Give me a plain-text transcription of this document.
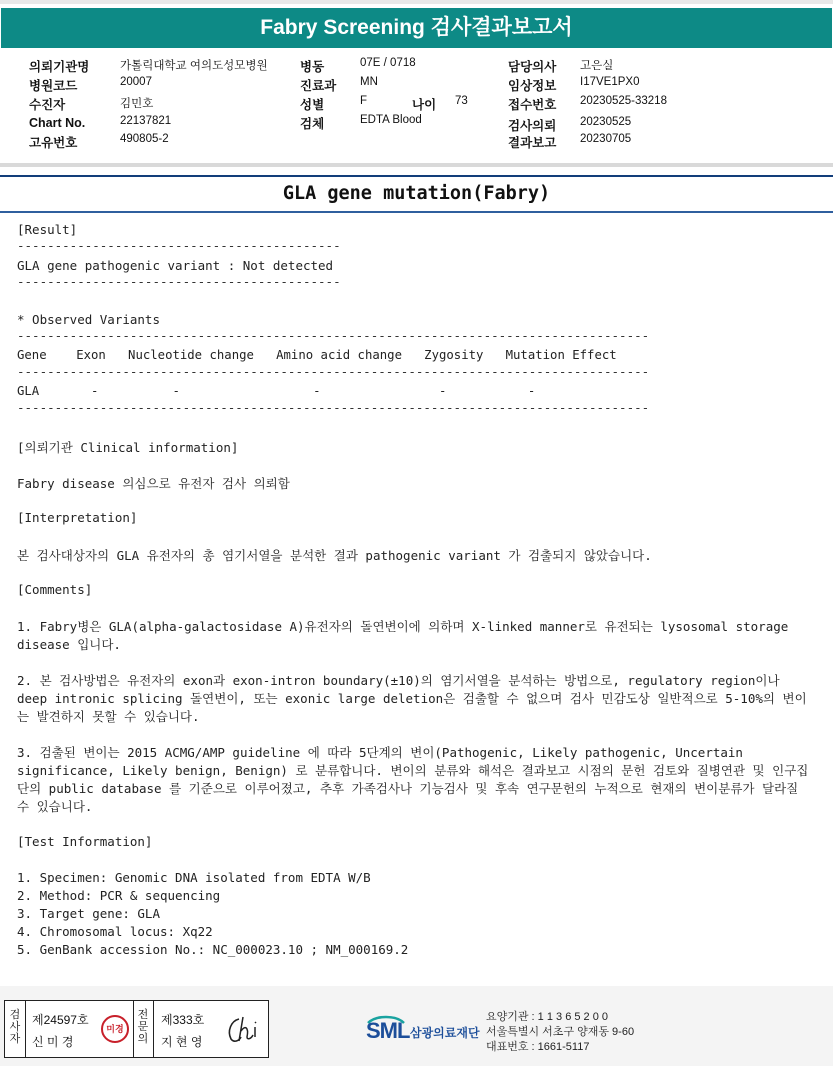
Fabry Screening 검사결과보고서
의뢰기관명	가톨릭대학교 여의도성모병원
병원코드	20007
수진자	김민호
Chart No.	22137821
고유번호	490805-2
병동	07E / 0718
진료과 MN
성별	F	나이 73
검체	EDTA Blood
담당의사 고은실
임상정보 I17VE1PX0
접수번호 20230525-33218
검사의뢰 20230525
결과보고 20230705
GLA gene mutation(Fabry)
[Result]
-------------------------------------------
GLA gene pathogenic variant : Not detected
-------------------------------------------
* Observed Variants
------------------------------------------------------------------------------------
Gene    Exon   Nucleotide change   Amino acid change   Zygosity   Mutation Effect
------------------------------------------------------------------------------------
GLA       -          -                  -                -           -
------------------------------------------------------------------------------------
[의뢰기관 Clinical information]
Fabry disease 의심으로 유전자 검사 의뢰함
[Interpretation]
본 검사대상자의 GLA 유전자의 총 염기서열을 분석한 결과 pathogenic variant 가 검출되지 않았습니다.
[Comments]
1. Fabry병은 GLA(alpha-galactosidase A)유전자의 돌연변이에 의하며 X-linked manner로 유전되는 lysosomal storage disease 입니다.
2. 본 검사방법은 유전자의 exon과 exon-intron boundary(±10)의 염기서열을 분석하는 방법으로, regulatory region이나 deep intronic splicing 돌연변이, 또는 exonic large deletion은 검출할 수 없으며 검사 민감도상 일반적으로 5-10%의 변이는 발견하지 못할 수 있습니다.
3. 검출된 변이는 2015 ACMG/AMP guideline 에 따라 5단계의 변이(Pathogenic, Likely pathogenic, Uncertain significance, Likely benign, Benign) 로 분류합니다. 변이의 분류와 해석은 결과보고 시점의 문헌 검토와 질병연관 및 인구집단의 public database 를 기준으로 이루어졌고, 추후 가족검사나 기능검사 및 후속 연구문헌의 누적으로 현재의 변이분류가 달라질 수 있습니다.
[Test Information]
1. Specimen: Genomic DNA isolated from EDTA W/B
2. Method: PCR & sequencing
3. Target gene: GLA
4. Chromosomal locus: Xq22
5. GenBank accession No.: NC_000023.10 ; NM_000169.2
검사자
제24597호
신 미 경
미경
전문의
제333호
지 현 영	SML 삼광의료재단
요양기관 : 1 1 3 6 5 2 0 0
서울특별시 서초구 양재동 9-60
대표번호 : 1661-5117
